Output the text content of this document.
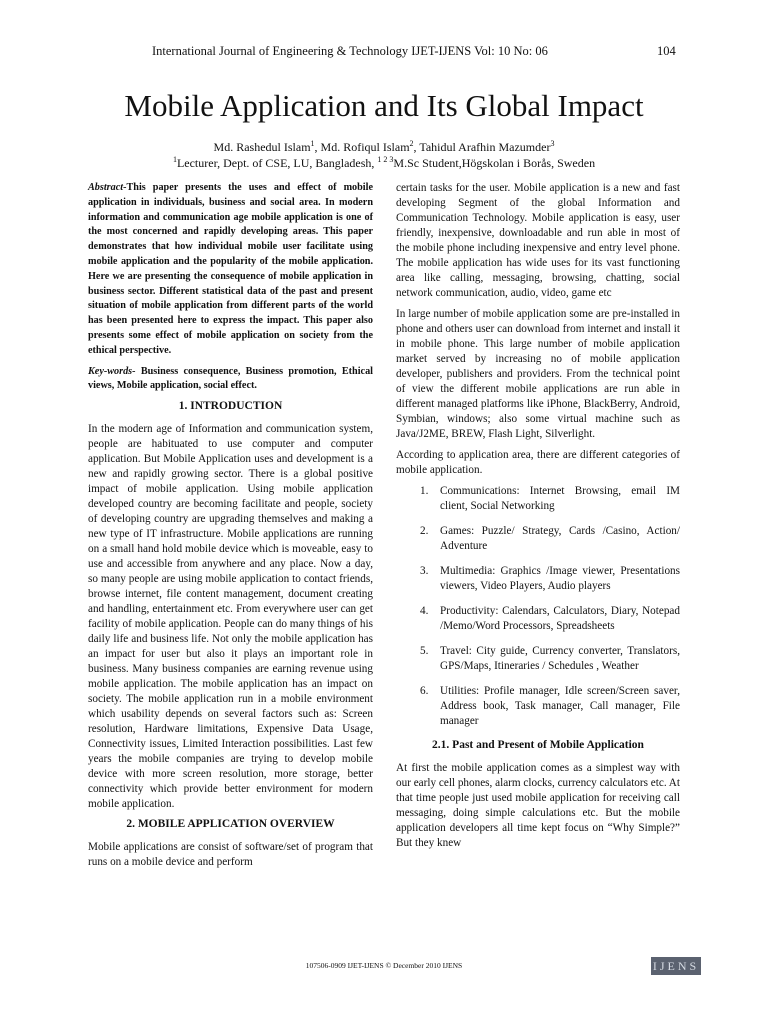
International Journal of Engineering & Technology IJET-IJENS Vol: 10 No: 06	104
Mobile Application and Its Global Impact
Md. Rashedul Islam$^1$, Md. Rofiqul Islam$^2$, Tahidul Arafhin Mazumder$^3$
$^1$Lecturer, Dept. of CSE, LU, Bangladesh, $^{1 2 3}$M.Sc Student,Högskolan i Borås, Sweden

Abstract-This paper presents the uses and effect of mobile application in individuals, business and social area. In modern information and communication age mobile application is one of the most concerned and rapidly developing areas. This paper demonstrates that how individual mobile user facilitate using mobile application and the popularity of the mobile application. Here we are presenting the consequence of mobile application in business sector. Different statistical data of the past and present situation of mobile application from different parts of the world has been presented here to express the impact. This paper also presents some effect of mobile application on society from the ethical perspective.

Key-words- Business consequence, Business promotion, Ethical views, Mobile application, social effect.

1. INTRODUCTION

In the modern age of Information and communication system, people are habituated to use computer and computer application. But Mobile Application uses and development is a new and rapidly growing sector. There is a global positive impact of mobile application. Using mobile application developed country are becoming facilitate and people, society of developing country are upgrading themselves and making a new type of IT infrastructure. Mobile applications are running on a small hand hold mobile device which is moveable, easy to use and accessible from anywhere and any place. Now a day, so many people are using mobile application to contact friends, browse internet, file content management, document creating and handling, entertainment etc. From everywhere user can get facility of mobile application. People can do many things of his daily life and business life. Not only the mobile application has an impact for user but also it plays an important role in business. Many business companies are earning revenue using mobile application. The mobile application has an impact on society. The mobile application run in a mobile environment which usability depends on several factors such as: Screen resolution, Hardware limitations, Expensive Data Usage, Connectivity issues, Limited Interaction possibilities. Last few years the mobile companies are trying to develop mobile device with more screen resolution, more storage, better connectivity which provide better environment for modern mobile application.

2. MOBILE APPLICATION OVERVIEW

Mobile applications are consist of software/set of program that runs on a mobile device and perform

certain tasks for the user. Mobile application is a new and fast developing Segment of the global Information and Communication Technology. Mobile application is easy, user friendly, inexpensive, downloadable and run able in most of the mobile phone including inexpensive and entry level phone. The mobile application has wide uses for its vast functioning area like calling, messaging, browsing, chatting, social network communication, audio, video, game etc

In large number of mobile application some are pre-installed in phone and others user can download from internet and install it in mobile phone. This large number of mobile application market served by increasing no of mobile application developer, publishers and providers. From the technical point of view the different mobile applications are run able in different managed platforms like iPhone, BlackBerry, Android, Symbian, windows; also some virtual machine such as Java/J2ME, BREW, Flash Light, Silverlight.

According to application area, there are different categories of mobile application.

1.	Communications: Internet Browsing, email IM client, Social Networking
2.	Games: Puzzle/ Strategy, Cards /Casino, Action/ Adventure
3.	Multimedia: Graphics /Image viewer, Presentations viewers, Video Players, Audio players
4.	Productivity: Calendars, Calculators, Diary, Notepad /Memo/Word Processors, Spreadsheets
5.	Travel: City guide, Currency converter, Translators, GPS/Maps, Itineraries / Schedules , Weather
6.	Utilities: Profile manager, Idle screen/Screen saver, Address book, Task manager, Call manager, File manager
2.1. Past and Present of Mobile Application

At first the mobile application comes as a simplest way with our early cell phones, alarm clocks, currency calculators etc. At that time people just used mobile application for receiving call messaging, doing simple calculations etc. But the mobile application developers all time kept focus on “Why Simple?” But they knew

107506-0909 IJET-IJENS © December 2010 IJENS	IJENS
